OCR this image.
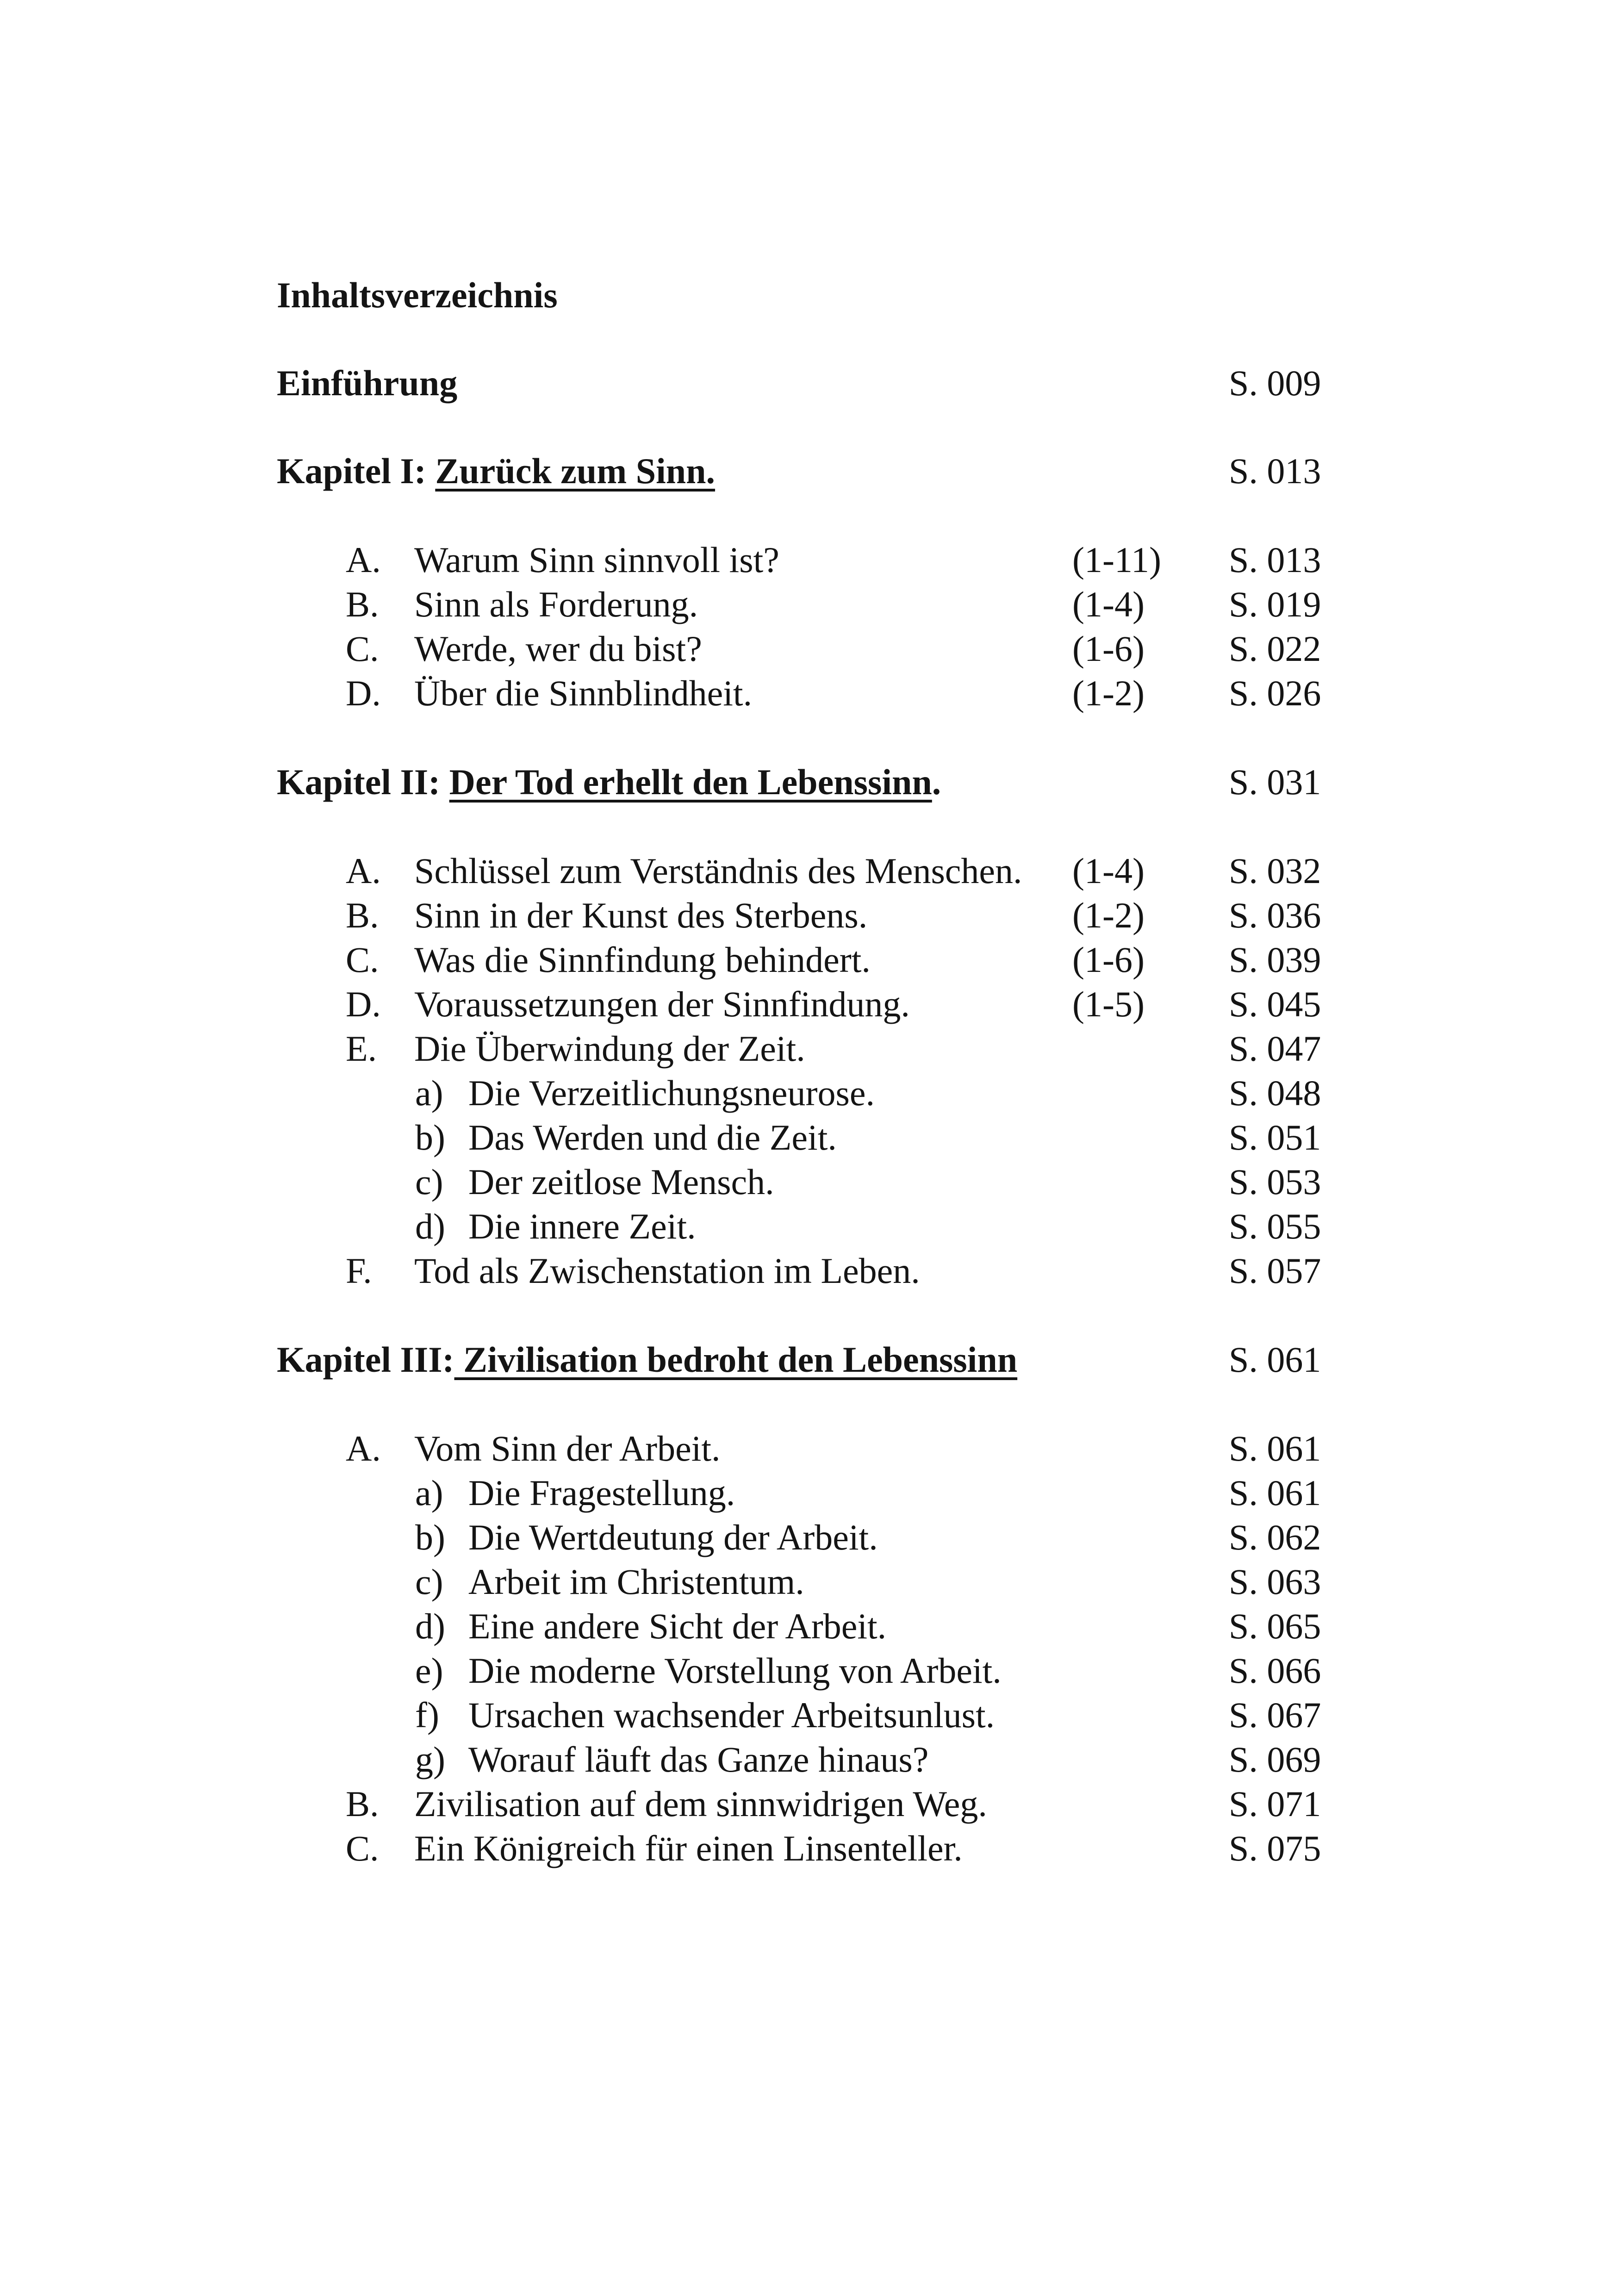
Inhaltsverzeichnis
Einführung	S. 009
Kapitel I: Zurück zum Sinn.	S. 013
A. Warum Sinn sinnvoll ist?	(1-11) S. 013
B. Sinn als Forderung.	(1-4) S. 019
C. Werde, wer du bist?	(1-6) S. 022
D. Über die Sinnblindheit.	(1-2) S. 026
Kapitel II: Der Tod erhellt den Lebenssinn.	S. 031
A. Schlüssel zum Verständnis des Menschen. (1-4) S. 032
B. Sinn in der Kunst des Sterbens.	(1-2) S. 036
C. Was die Sinnfindung behindert.	(1-6) S. 039
D. Voraussetzungen der Sinnfindung.	(1-5) S. 045
E. Die Überwindung der Zeit.	S. 047
a) Die Verzeitlichungsneurose.	S. 048
b) Das Werden und die Zeit.	S. 051
c) Der zeitlose Mensch.	S. 053
d) Die innere Zeit.	S. 055
F. Tod als Zwischenstation im Leben.	S. 057
Kapitel III: Zivilisation bedroht den Lebenssinn	S. 061
A. Vom Sinn der Arbeit.	S. 061
a) Die Fragestellung.	S. 061
b) Die Wertdeutung der Arbeit.	S. 062
c) Arbeit im Christentum.	S. 063
d) Eine andere Sicht der Arbeit.	S. 065
e) Die moderne Vorstellung von Arbeit.	S. 066
f) Ursachen wachsender Arbeitsunlust.	S. 067
g) Worauf läuft das Ganze hinaus?	S. 069
B. Zivilisation auf dem sinnwidrigen Weg.	S. 071
C. Ein Königreich für einen Linsenteller.	S. 075
